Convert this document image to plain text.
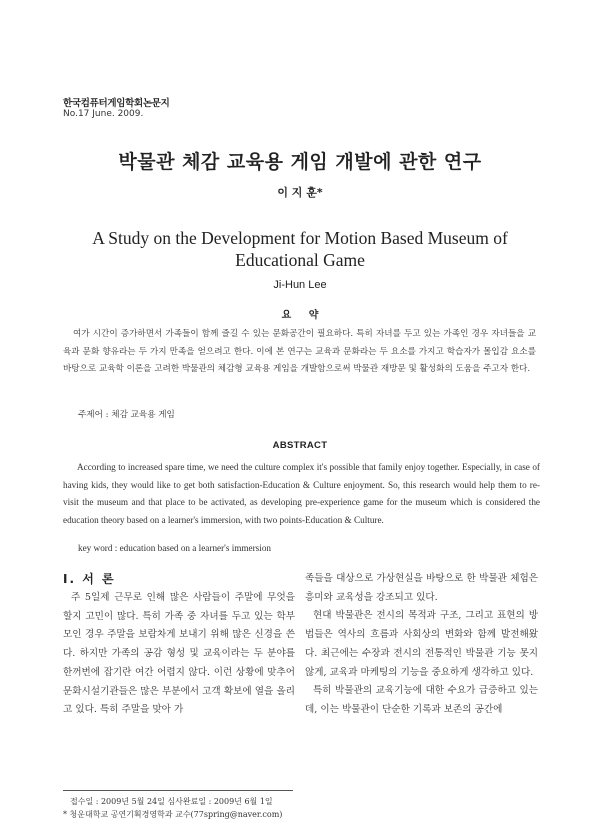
한국컴퓨터게임학회논문지
No.17 June. 2009.
박물관 체감 교육용 게임 개발에 관한 연구
이 지 훈*
A Study on the Development for Motion Based Museum of Educational Game
Ji-Hun Lee
요 약
여가 시간이 증가하면서 가족들이 함께 즐길 수 있는 문화공간이 필요하다. 특히 자녀를 두고 있는 가족인 경우 자녀들을 교육과 문화 향유라는 두 가지 만족을 얻으려고 한다. 이에 본 연구는 교육과 문화라는 두 요소를 가지고 학습자가 몰입감 요소를 바탕으로 교육학 이론을 고려한 박물관의 체감형 교육용 게임을 개발함으로써 박물관 재방문 및 활성화의 도움을 주고자 한다.
주제어 : 체감 교육용 게임
ABSTRACT
According to increased spare time, we need the culture complex it's possible that family enjoy together. Especially, in case of having kids, they would like to get both satisfaction-Education & Culture enjoyment. So, this research would help them to re-visit the museum and that place to be activated, as developing pre-experience game for the museum which is considered the education theory based on a learner's immersion, with two points-Education & Culture.
key word : education based on a learner's immersion
Ⅰ. 서 론
주 5일제 근무로 인해 많은 사람들이 주말에 무엇을 할지 고민이 많다. 특히 가족 중 자녀를 두고 있는 학부모인 경우 주말을 보람차게 보내기 위해 많은 신경을 쓴다. 하지만 가족의 공감 형성 및 교육이라는 두 분야를 한꺼번에 잡기란 여간 어렵지 않다. 이런 상황에 맞추어 문화시설기관들은 많은 부분에서 고객 확보에 열을 올리고 있다. 특히 주말을 맞아 가
족들을 대상으로 가상현실을 바탕으로 한 박물관 체험은 흥미와 교육성을 강조되고 있다.
현대 박물관은 전시의 목적과 구조, 그리고 표현의 방법들은 역사의 흐름과 사회상의 변화와 함께 발전해왔다. 최근에는 수장과 전시의 전통적인 박물관 기능 못지않게, 교육과 마케팅의 기능을 중요하게 생각하고 있다.
특히 박물관의 교육기능에 대한 수요가 급증하고 있는데, 이는 박물관이 단순한 기록과 보존의 공간에
접수일 : 2009년 5월 24일 심사완료일 : 2009년 6월 1일
* 청운대학교 공연기획경영학과 교수(77spring@naver.com)
